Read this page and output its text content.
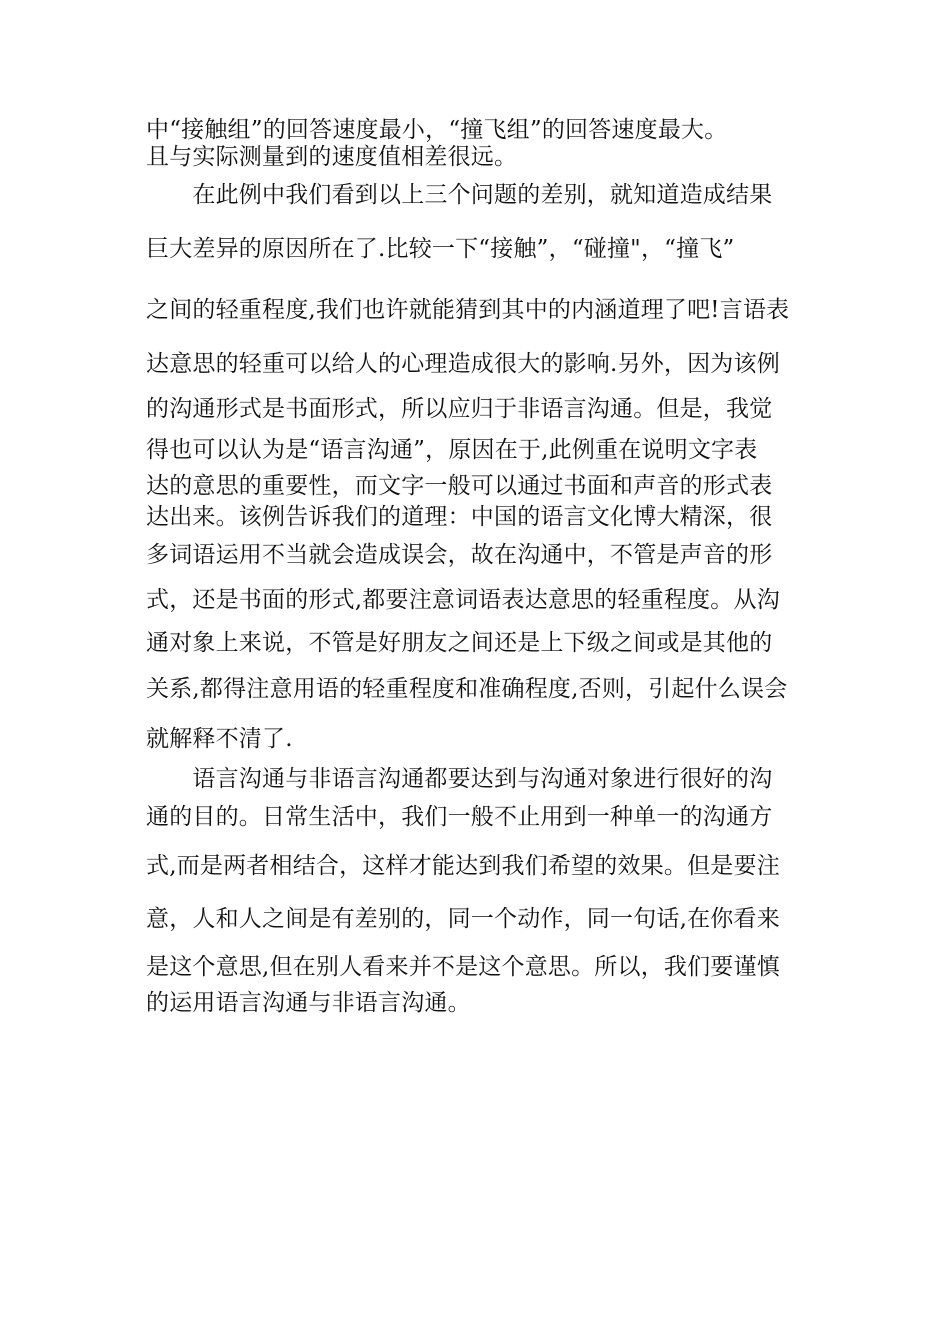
中“接触组”的回答速度最小，“撞飞组”的回答速度最大。
且与实际测量到的速度值相差很远。
　　在此例中我们看到以上三个问题的差别，就知道造成结果
巨大差异的原因所在了.比较一下“接触”，“碰撞"，“撞飞”
之间的轻重程度,我们也许就能猜到其中的内涵道理了吧!言语表
达意思的轻重可以给人的心理造成很大的影响.另外，因为该例
的沟通形式是书面形式，所以应归于非语言沟通。但是，我觉
得也可以认为是“语言沟通”，原因在于,此例重在说明文字表
达的意思的重要性，而文字一般可以通过书面和声音的形式表
达出来。该例告诉我们的道理：中国的语言文化博大精深，很
多词语运用不当就会造成误会，故在沟通中，不管是声音的形
式，还是书面的形式,都要注意词语表达意思的轻重程度。从沟
通对象上来说，不管是好朋友之间还是上下级之间或是其他的
关系,都得注意用语的轻重程度和准确程度,否则，引起什么误会
就解释不清了.
　　语言沟通与非语言沟通都要达到与沟通对象进行很好的沟
通的目的。日常生活中，我们一般不止用到一种单一的沟通方
式,而是两者相结合，这样才能达到我们希望的效果。但是要注
意，人和人之间是有差别的，同一个动作，同一句话,在你看来
是这个意思,但在别人看来并不是这个意思。所以，我们要谨慎
的运用语言沟通与非语言沟通。
